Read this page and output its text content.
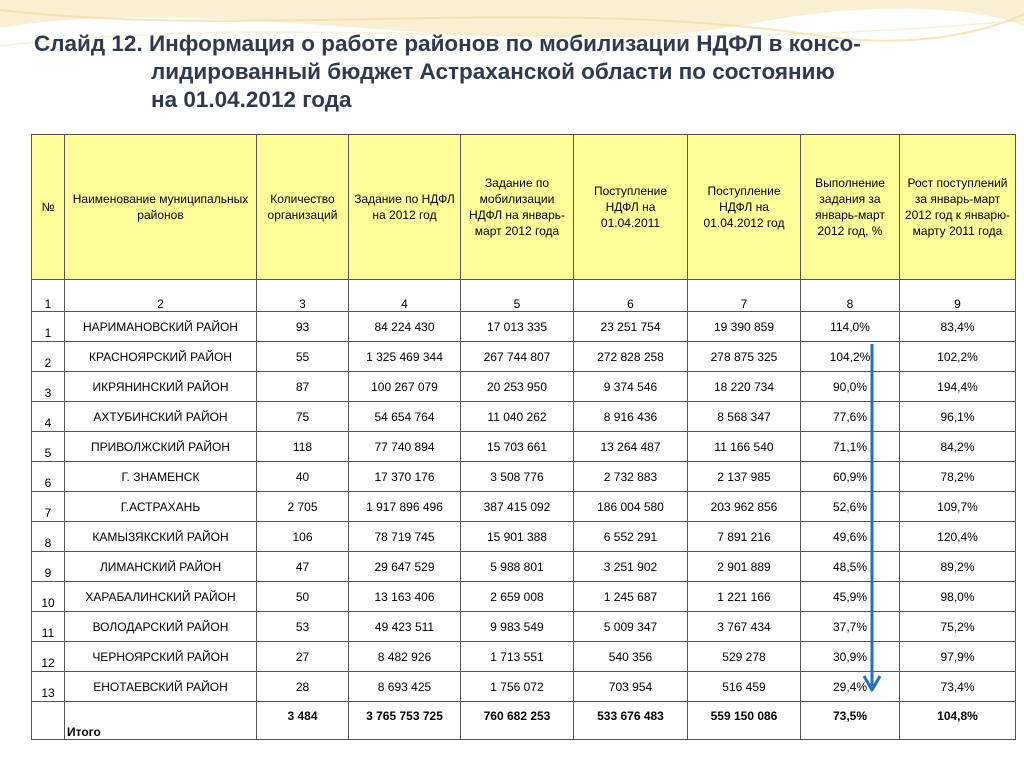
Слайд 12. Информация о работе районов по мобилизации НДФЛ в консо-
лидированный бюджет Астраханской области по состоянию
на 01.04.2012 года
№	Наименование муниципальных районов	Количество организаций	Задание по НДФЛ на 2012 год	Задание по мобилизации НДФЛ на январь-март 2012 года	Поступление НДФЛ на 01.04.2011	Поступление НДФЛ на 01.04.2012 год	Выполнение задания за январь-март 2012 год, %	Рост поступлений за январь-март 2012 год к январю-марту 2011 года
1	2	3	4	5	6	7	8	9
1	НАРИМАНОВСКИЙ РАЙОН	93	84 224 430	17 013 335	23 251 754	19 390 859	114,0%	83,4%
2	КРАСНОЯРСКИЙ РАЙОН	55	1 325 469 344	267 744 807	272 828 258	278 875 325	104,2%	102,2%
3	ИКРЯНИНСКИЙ РАЙОН	87	100 267 079	20 253 950	9 374 546	18 220 734	90,0%	194,4%
4	АХТУБИНСКИЙ РАЙОН	75	54 654 764	11 040 262	8 916 436	8 568 347	77,6%	96,1%
5	ПРИВОЛЖСКИЙ РАЙОН	118	77 740 894	15 703 661	13 264 487	11 166 540	71,1%	84,2%
6	Г. ЗНАМЕНСК	40	17 370 176	3 508 776	2 732 883	2 137 985	60,9%	78,2%
7	Г.АСТРАХАНЬ	2 705	1 917 896 496	387 415 092	186 004 580	203 962 856	52,6%	109,7%
8	КАМЫЗЯКСКИЙ РАЙОН	106	78 719 745	15 901 388	6 552 291	7 891 216	49,6%	120,4%
9	ЛИМАНСКИЙ РАЙОН	47	29 647 529	5 988 801	3 251 902	2 901 889	48,5%	89,2%
10	ХАРАБАЛИНСКИЙ РАЙОН	50	13 163 406	2 659 008	1 245 687	1 221 166	45,9%	98,0%
11	ВОЛОДАРСКИЙ РАЙОН	53	49 423 511	9 983 549	5 009 347	3 767 434	37,7%	75,2%
12	ЧЕРНОЯРСКИЙ РАЙОН	27	8 482 926	1 713 551	540 356	529 278	30,9%	97,9%
13	ЕНОТАЕВСКИЙ РАЙОН	28	8 693 425	1 756 072	703 954	516 459	29,4%	73,4%
	Итого	3 484	3 765 753 725	760 682 253	533 676 483	559 150 086	73,5%	104,8%
